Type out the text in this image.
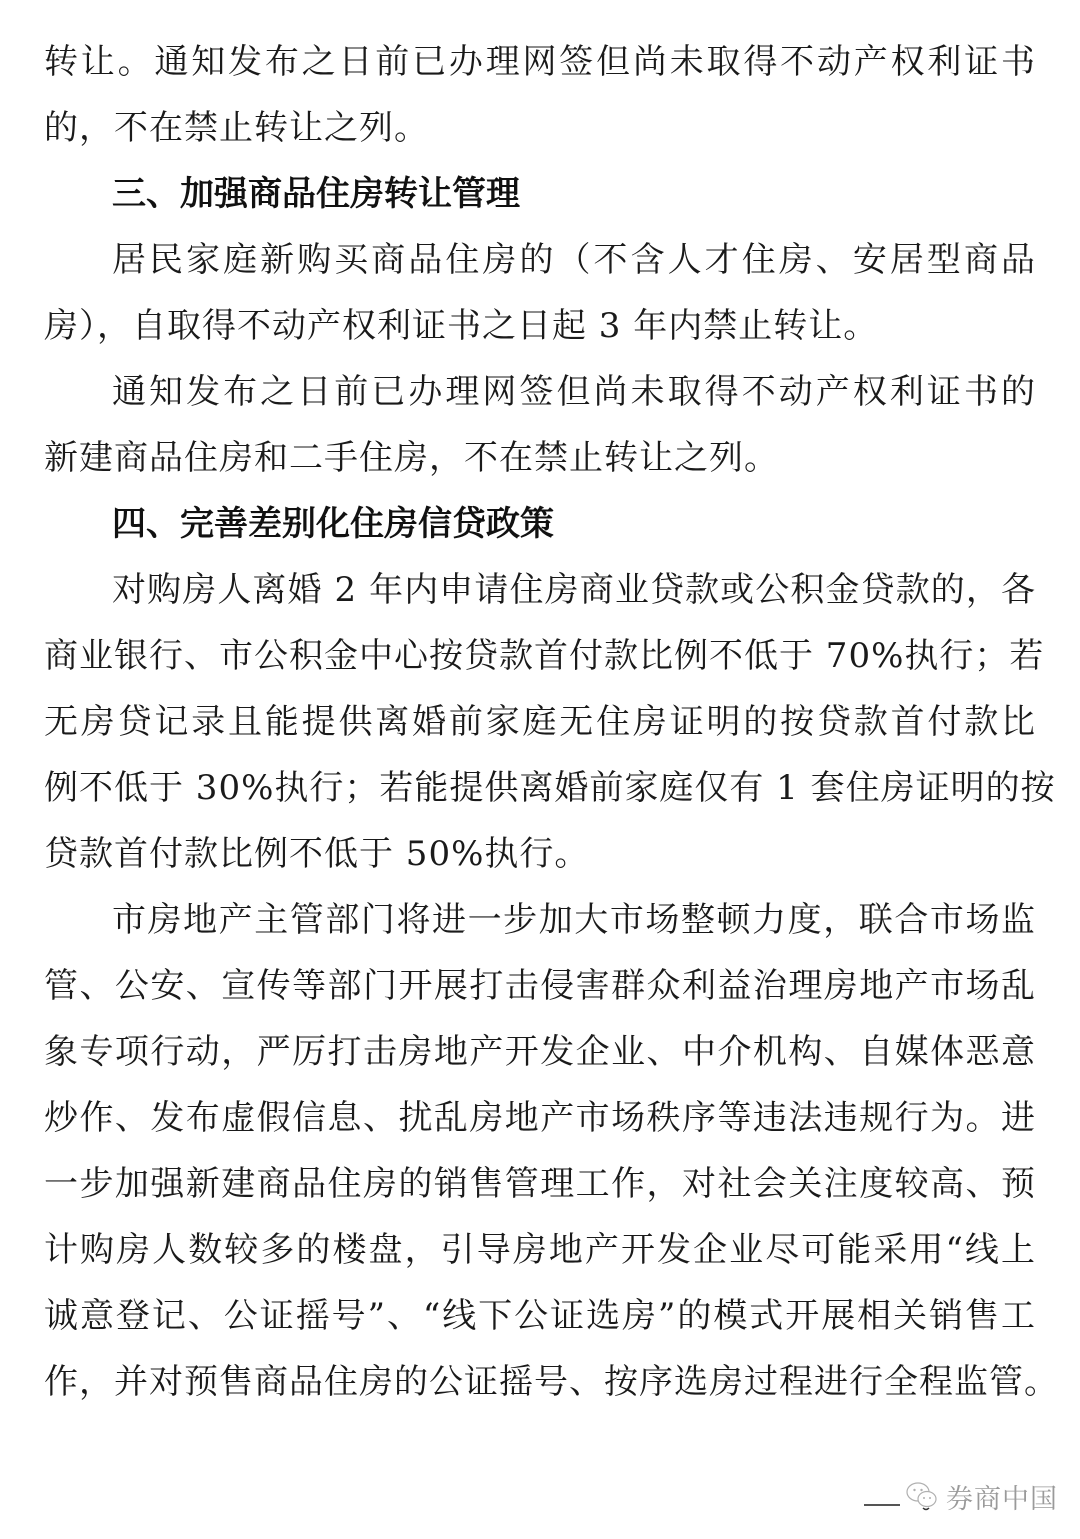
转让。通知发布之日前已办理网签但尚未取得不动产权利证书
的，不在禁止转让之列。
三、加强商品住房转让管理
居民家庭新购买商品住房的（不含人才住房、安居型商品
房），自取得不动产权利证书之日起 3 年内禁止转让。
通知发布之日前已办理网签但尚未取得不动产权利证书的
新建商品住房和二手住房，不在禁止转让之列。
四、完善差别化住房信贷政策
对购房人离婚 2 年内申请住房商业贷款或公积金贷款的，各
商业银行、市公积金中心按贷款首付款比例不低于 70%执行；若
无房贷记录且能提供离婚前家庭无住房证明的按贷款首付款比
例不低于 30%执行；若能提供离婚前家庭仅有 1 套住房证明的按
贷款首付款比例不低于 50%执行。
市房地产主管部门将进一步加大市场整顿力度，联合市场监
管、公安、宣传等部门开展打击侵害群众利益治理房地产市场乱
象专项行动，严厉打击房地产开发企业、中介机构、自媒体恶意
炒作、发布虚假信息、扰乱房地产市场秩序等违法违规行为。进
一步加强新建商品住房的销售管理工作，对社会关注度较高、预
计购房人数较多的楼盘，引导房地产开发企业尽可能采用“线上
诚意登记、公证摇号”、“线下公证选房”的模式开展相关销售工
作，并对预售商品住房的公证摇号、按序选房过程进行全程监管。
券商中国
